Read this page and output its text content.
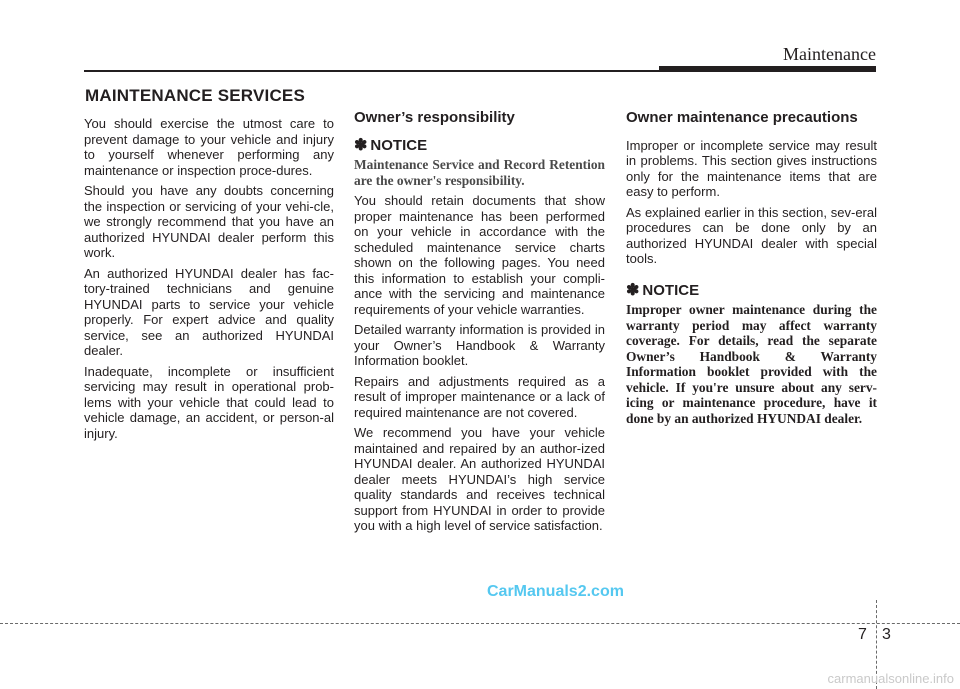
Maintenance
MAINTENANCE SERVICES

You should exercise the utmost care to prevent damage to your vehicle and injury to yourself whenever performing any maintenance or inspection proce-dures.

Should you have any doubts concerning the inspection or servicing of your vehi-cle, we strongly recommend that you have an authorized HYUNDAI dealer perform this work.

An authorized HYUNDAI dealer has fac-tory-trained technicians and genuine HYUNDAI parts to service your vehicle properly. For expert advice and quality service, see an authorized HYUNDAI dealer.

Inadequate, incomplete or insufficient servicing may result in operational prob-lems with your vehicle that could lead to vehicle damage, an accident, or person-al injury.

Owner’s responsibility
✽ NOTICE

Maintenance Service and Record Retention are the owner's responsibility.

You should retain documents that show proper maintenance has been performed on your vehicle in accordance with the scheduled maintenance service charts shown on the following pages. You need this information to establish your compli-ance with the servicing and maintenance requirements of your vehicle warranties.

Detailed warranty information is provided in your Owner’s Handbook & Warranty Information booklet.

Repairs and adjustments required as a result of improper maintenance or a lack of required maintenance are not covered.

We recommend you have your vehicle maintained and repaired by an author-ized HYUNDAI dealer. An authorized HYUNDAI dealer meets HYUNDAI’s high service quality standards and receives technical support from HYUNDAI in order to provide you with a high level of service satisfaction.

Owner maintenance precautions

Improper or incomplete service may result in problems. This section gives instructions only for the maintenance items that are easy to perform.

As explained earlier in this section, sev-eral procedures can be done only by an authorized HYUNDAI dealer with special tools.

✽ NOTICE

Improper owner maintenance during the warranty period may affect warranty coverage. For details, read the separate Owner’s Handbook & Warranty Information booklet provided with the vehicle. If you're unsure about any serv-icing or maintenance procedure, have it done by an authorized HYUNDAI dealer.

CarManuals2.com
7 3
carmanualsonline.info
